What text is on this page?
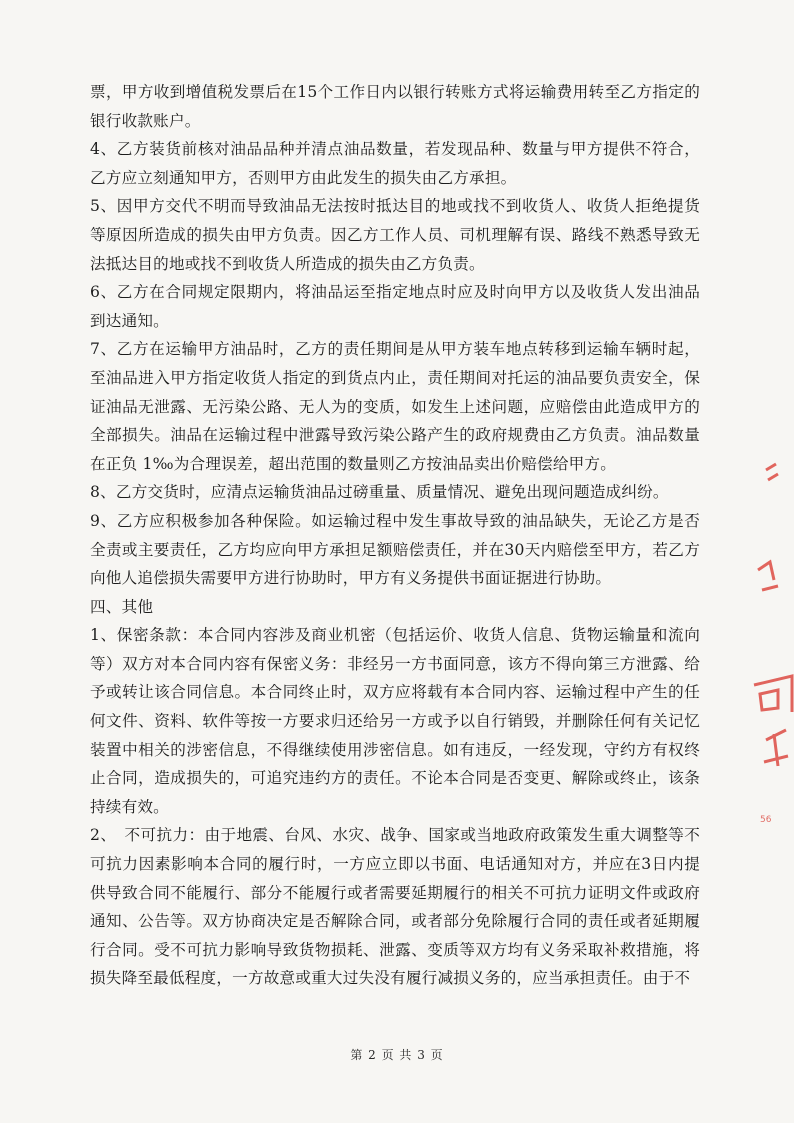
票，甲方收到增值税发票后在15个工作日内以银行转账方式将运输费用转至乙方指定的银行收款账户。

4、乙方装货前核对油品品种并清点油品数量，若发现品种、数量与甲方提供不符合，乙方应立刻通知甲方，否则甲方由此发生的损失由乙方承担。

5、因甲方交代不明而导致油品无法按时抵达目的地或找不到收货人、收货人拒绝提货等原因所造成的损失由甲方负责。因乙方工作人员、司机理解有误、路线不熟悉导致无法抵达目的地或找不到收货人所造成的损失由乙方负责。

6、乙方在合同规定限期内，将油品运至指定地点时应及时向甲方以及收货人发出油品到达通知。

7、乙方在运输甲方油品时，乙方的责任期间是从甲方装车地点转移到运输车辆时起，至油品进入甲方指定收货人指定的到货点内止，责任期间对托运的油品要负责安全，保证油品无泄露、无污染公路、无人为的变质，如发生上述问题，应赔偿由此造成甲方的全部损失。油品在运输过程中泄露导致污染公路产生的政府规费由乙方负责。油品数量在正负 1‰为合理误差，超出范围的数量则乙方按油品卖出价赔偿给甲方。

8、乙方交货时，应清点运输货油品过磅重量、质量情况、避免出现问题造成纠纷。

9、乙方应积极参加各种保险。如运输过程中发生事故导致的油品缺失，无论乙方是否全责或主要责任，乙方均应向甲方承担足额赔偿责任，并在30天内赔偿至甲方，若乙方向他人追偿损失需要甲方进行协助时，甲方有义务提供书面证据进行协助。

四、其他

1、保密条款：本合同内容涉及商业机密（包括运价、收货人信息、货物运输量和流向等）双方对本合同内容有保密义务：非经另一方书面同意，该方不得向第三方泄露、给予或转让该合同信息。本合同终止时，双方应将载有本合同内容、运输过程中产生的任何文件、资料、软件等按一方要求归还给另一方或予以自行销毁，并删除任何有关记忆装置中相关的涉密信息，不得继续使用涉密信息。如有违反，一经发现，守约方有权终止合同，造成损失的，可追究违约方的责任。不论本合同是否变更、解除或终止，该条持续有效。

2、　不可抗力：由于地震、台风、水灾、战争、国家或当地政府政策发生重大调整等不可抗力因素影响本合同的履行时，一方应立即以书面、电话通知对方，并应在3日内提供导致合同不能履行、部分不能履行或者需要延期履行的相关不可抗力证明文件或政府通知、公告等。双方协商决定是否解除合同，或者部分免除履行合同的责任或者延期履行合同。受不可抗力影响导致货物损耗、泄露、变质等双方均有义务采取补救措施，将损失降至最低程度，一方故意或重大过失没有履行减损义务的，应当承担责任。由于不

56
第 2 页 共 3 页
